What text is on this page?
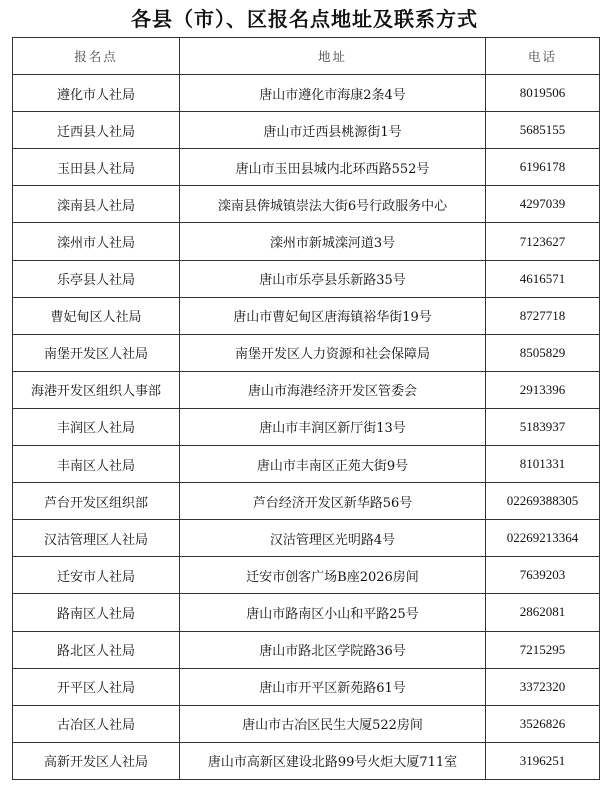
各县（市）、区报名点地址及联系方式
报名点	地址	电话
遵化市人社局	唐山市遵化市海康2条4号	8019506
迁西县人社局	唐山市迁西县桃源街1号	5685155
玉田县人社局	唐山市玉田县城内北环西路552号	6196178
滦南县人社局	滦南县倴城镇崇法大街6号行政服务中心	4297039
滦州市人社局	滦州市新城滦河道3号	7123627
乐亭县人社局	唐山市乐亭县乐新路35号	4616571
曹妃甸区人社局	唐山市曹妃甸区唐海镇裕华街19号	8727718
南堡开发区人社局	南堡开发区人力资源和社会保障局	8505829
海港开发区组织人事部	唐山市海港经济开发区管委会	2913396
丰润区人社局	唐山市丰润区新厅街13号	5183937
丰南区人社局	唐山市丰南区正苑大街9号	8101331
芦台开发区组织部	芦台经济开发区新华路56号	02269388305
汉沽管理区人社局	汉沽管理区光明路4号	02269213364
迁安市人社局	迁安市创客广场B座2026房间	7639203
路南区人社局	唐山市路南区小山和平路25号	2862081
路北区人社局	唐山市路北区学院路36号	7215295
开平区人社局	唐山市开平区新苑路61号	3372320
古冶区人社局	唐山市古冶区民生大厦522房间	3526826
高新开发区人社局	唐山市高新区建设北路99号火炬大厦711室	3196251
